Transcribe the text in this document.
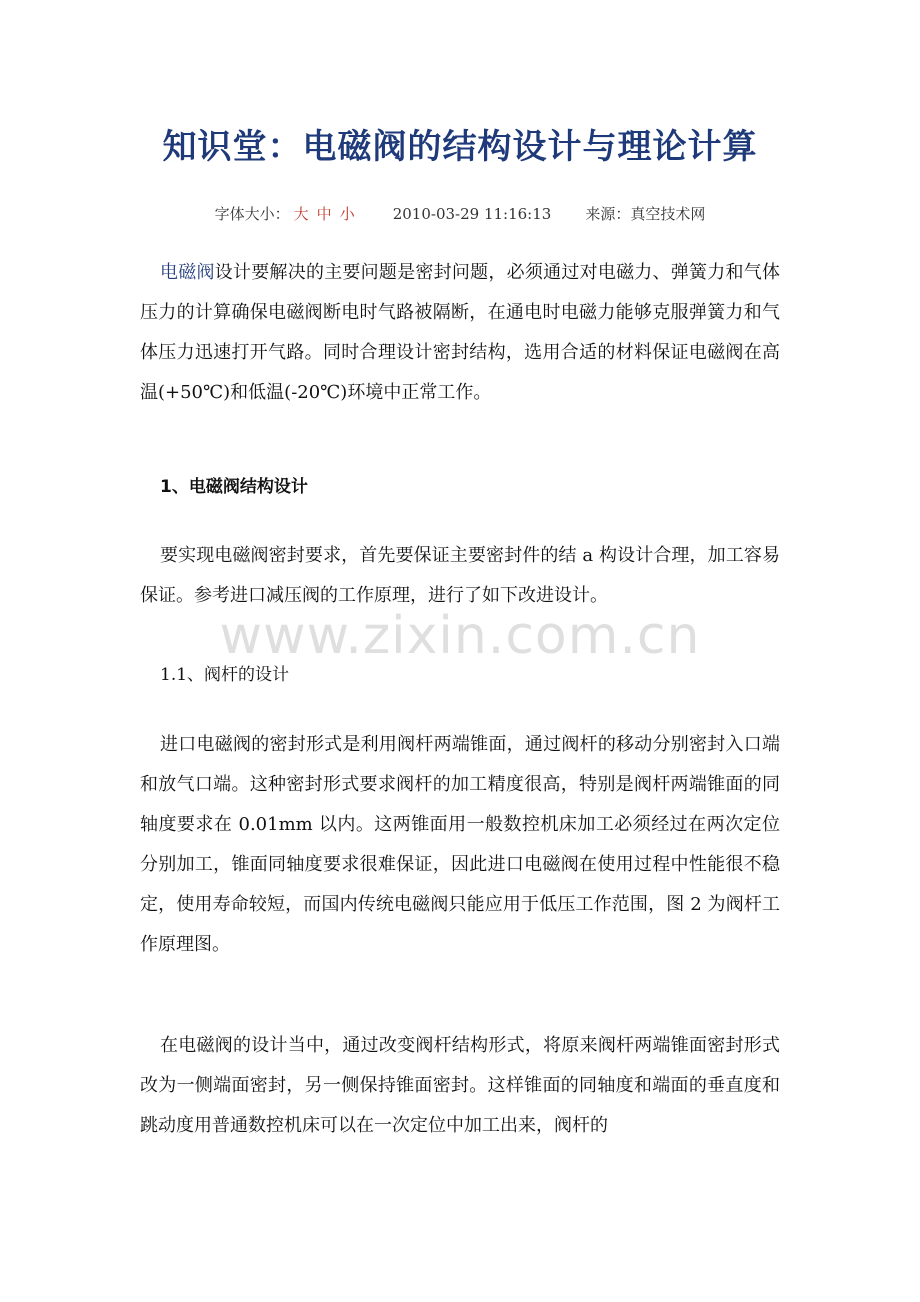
知识堂：电磁阀的结构设计与理论计算
字体大小： 大 中 小	2010-03-29 11:16:13 来源：真空技术网

电磁阀设计要解决的主要问题是密封问题，必须通过对电磁力、弹簧力和气体压力的计算确保电磁阀断电时气路被隔断，在通电时电磁力能够克服弹簧力和气体压力迅速打开气路。同时合理设计密封结构，选用合适的材料保证电磁阀在高温(+50℃)和低温(-20℃)环境中正常工作。

1、电磁阀结构设计

要实现电磁阀密封要求，首先要保证主要密封件的结 a 构设计合理，加工容易保证。参考进口减压阀的工作原理，进行了如下改进设计。

www.zixin.com.cn
1.1、阀杆的设计

进口电磁阀的密封形式是利用阀杆两端锥面，通过阀杆的移动分别密封入口端和放气口端。这种密封形式要求阀杆的加工精度很高，特别是阀杆两端锥面的同轴度要求在 0.01mm 以内。这两锥面用一般数控机床加工必须经过在两次定位分别加工，锥面同轴度要求很难保证，因此进口电磁阀在使用过程中性能很不稳定，使用寿命较短，而国内传统电磁阀只能应用于低压工作范围，图 2 为阀杆工作原理图。

在电磁阀的设计当中，通过改变阀杆结构形式，将原来阀杆两端锥面密封形式改为一侧端面密封，另一侧保持锥面密封。这样锥面的同轴度和端面的垂直度和跳动度用普通数控机床可以在一次定位中加工出来，阀杆的
